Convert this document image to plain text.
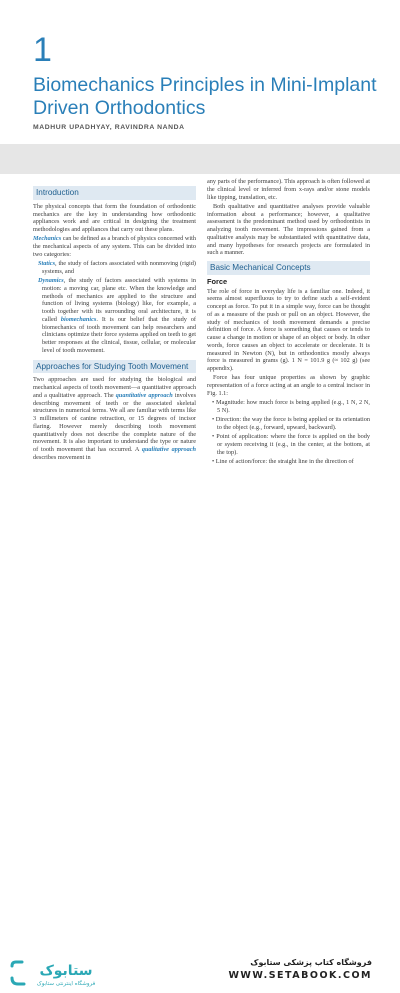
1
Biomechanics Principles in Mini-Implant Driven Orthodontics
MADHUR UPADHYAY, RAVINDRA NANDA
Introduction

The physical concepts that form the foundation of orthodontic mechanics are the key in understanding how orthodontic appliances work and are critical in designing the treatment methodologies and appliances that carry out these plans.

Mechanics can be defined as a branch of physics concerned with the mechanical aspects of any system. This can be divided into two categories:

Statics, the study of factors associated with nonmoving (rigid) systems, and

Dynamics, the study of factors associated with systems in motion: a moving car, plane etc. When the knowledge and methods of mechanics are applied to the structure and function of living systems (biology) like, for example, a tooth together with its surrounding oral architecture, it is called biomechanics. It is our belief that the study of biomechanics of tooth movement can help researchers and clinicians optimize their force systems applied on teeth to get better responses at the clinical, tissue, cellular, or molecular level of tooth movement.

Approaches for Studying Tooth Movement

Two approaches are used for studying the biological and mechanical aspects of tooth movement—a quantitative approach and a qualitative approach. The quantitative approach involves describing movement of teeth or the associated skeletal structures in numerical terms. We all are familiar with terms like 3 millimeters of canine retraction, or 15 degrees of incisor flaring. However merely describing tooth movement quantitatively does not describe the complete nature of the movement. It is also important to understand the type or nature of tooth movement that has occurred. A qualitative approach describes movement in

any parts of the performance). This approach is often followed at the clinical level or inferred from x-rays and/or stone models like tipping, translation, etc.

Both qualitative and quantitative analyses provide valuable information about a performance; however, a qualitative assessment is the predominant method used by orthodontists in analyzing tooth movement. The impressions gained from a qualitative analysis may be substantiated with quantitative data, and many hypotheses for research projects are formulated in such a manner.

Basic Mechanical Concepts
Force

The role of force in everyday life is a familiar one. Indeed, it seems almost superfluous to try to define such a self-evident concept as force. To put it in a simple way, force can be thought of as a measure of the push or pull on an object. However, the study of mechanics of tooth movement demands a precise definition of force. A force is something that causes or tends to cause a change in motion or shape of an object or body. In other words, force causes an object to accelerate or decelerate. It is measured in Newton (N), but in orthodontics mostly always force is measured in grams (g). 1 N = 101.9 g (≈ 102 g) (see appendix).

Force has four unique properties as shown by graphic representation of a force acting at an angle to a central incisor in Fig. 1.1:

• Magnitude: how much force is being applied (e.g., 1 N, 2 N, 5 N).

• Direction: the way the force is being applied or its orientation to the object (e.g., forward, upward, backward).

• Point of application: where the force is applied on the body or system receiving it (e.g., in the center, at the bottom, at the top).

• Line of action/force: the straight line in the direction of

ستابوک
فروشگاه اینترنتی ستابوک
فروشگاه کتاب پزشکی ستابوک
WWW.SETABOOK.COM
